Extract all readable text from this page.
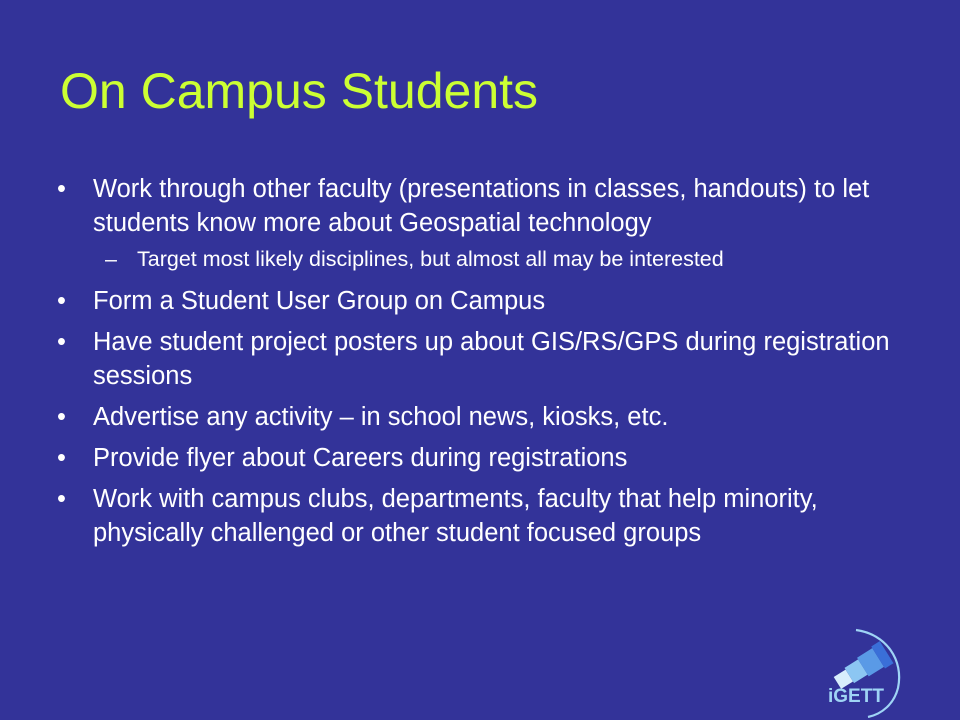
On Campus Students
•	Work through other faculty (presentations in classes, handouts) to let students know more about Geospatial technology
– Target most likely disciplines, but almost all may be interested
•	Form a Student User Group on Campus
•	Have student project posters up about GIS/RS/GPS during registration sessions
•	Advertise any activity – in school news, kiosks, etc.
•	Provide flyer about Careers during registrations
•	Work with campus clubs, departments, faculty that help minority, physically challenged or other student focused groups
iGETT
